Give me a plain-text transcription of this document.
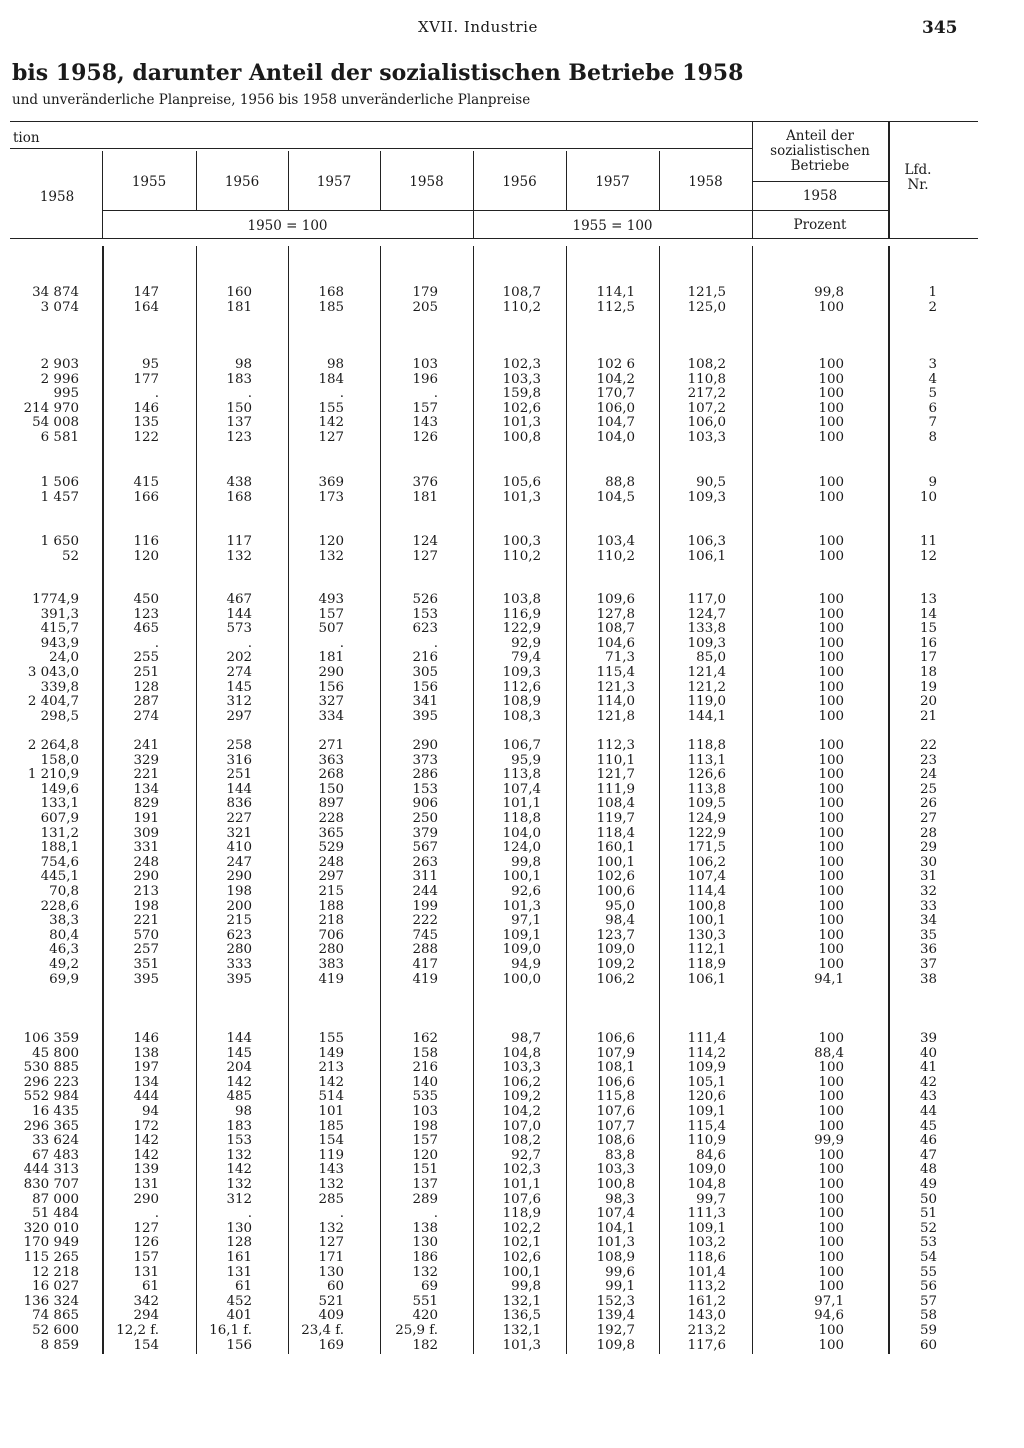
XVII. Industrie	345
bis 1958, darunter Anteil der sozialistischen Betriebe 1958
und unveränderliche Planpreise, 1956 bis 1958 unveränderliche Planpreise
tion
1958
1955	1956	1957	1958	1956	1957	1958
1950 = 100	1955 = 100
Anteil der sozialistischen Betriebe
1958
Prozent
Lfd. Nr.
34 874	147	160	168	179	108,7	114,1	121,5	99,8	1
3 074	164	181	185	205	110,2	112,5	125,0	100	2
2 903	95	98	98	103	102,3	102 6	108,2	100	3
2 996	177	183	184	196	103,3	104,2	110,8	100	4
995	.	.	.	.	159,8	170,7	217,2	100	5
214 970	146	150	155	157	102,6	106,0	107,2	100	6
54 008	135	137	142	143	101,3	104,7	106,0	100	7
6 581	122	123	127	126	100,8	104,0	103,3	100	8
1 506	415	438	369	376	105,6	88,8	90,5	100	9
1 457	166	168	173	181	101,3	104,5	109,3	100	10
1 650	116	117	120	124	100,3	103,4	106,3	100	11
52	120	132	132	127	110,2	110,2	106,1	100	12
1774,9	450	467	493	526	103,8	109,6	117,0	100	13
391,3	123	144	157	153	116,9	127,8	124,7	100	14
415,7	465	573	507	623	122,9	108,7	133,8	100	15
943,9	.	.	.	.	92,9	104,6	109,3	100	16
24,0	255	202	181	216	79,4	71,3	85,0	100	17
3 043,0	251	274	290	305	109,3	115,4	121,4	100	18
339,8	128	145	156	156	112,6	121,3	121,2	100	19
2 404,7	287	312	327	341	108,9	114,0	119,0	100	20
298,5	274	297	334	395	108,3	121,8	144,1	100	21
2 264,8	241	258	271	290	106,7	112,3	118,8	100	22
158,0	329	316	363	373	95,9	110,1	113,1	100	23
1 210,9	221	251	268	286	113,8	121,7	126,6	100	24
149,6	134	144	150	153	107,4	111,9	113,8	100	25
133,1	829	836	897	906	101,1	108,4	109,5	100	26
607,9	191	227	228	250	118,8	119,7	124,9	100	27
131,2	309	321	365	379	104,0	118,4	122,9	100	28
188,1	331	410	529	567	124,0	160,1	171,5	100	29
754,6	248	247	248	263	99,8	100,1	106,2	100	30
445,1	290	290	297	311	100,1	102,6	107,4	100	31
70,8	213	198	215	244	92,6	100,6	114,4	100	32
228,6	198	200	188	199	101,3	95,0	100,8	100	33
38,3	221	215	218	222	97,1	98,4	100,1	100	34
80,4	570	623	706	745	109,1	123,7	130,3	100	35
46,3	257	280	280	288	109,0	109,0	112,1	100	36
49,2	351	333	383	417	94,9	109,2	118,9	100	37
69,9	395	395	419	419	100,0	106,2	106,1	94,1	38
106 359	146	144	155	162	98,7	106,6	111,4	100	39
45 800	138	145	149	158	104,8	107,9	114,2	88,4	40
530 885	197	204	213	216	103,3	108,1	109,9	100	41
296 223	134	142	142	140	106,2	106,6	105,1	100	42
552 984	444	485	514	535	109,2	115,8	120,6	100	43
16 435	94	98	101	103	104,2	107,6	109,1	100	44
296 365	172	183	185	198	107,0	107,7	115,4	100	45
33 624	142	153	154	157	108,2	108,6	110,9	99,9	46
67 483	142	132	119	120	92,7	83,8	84,6	100	47
444 313	139	142	143	151	102,3	103,3	109,0	100	48
830 707	131	132	132	137	101,1	100,8	104,8	100	49
87 000	290	312	285	289	107,6	98,3	99,7	100	50
51 484	.	.	.	.	118,9	107,4	111,3	100	51
320 010	127	130	132	138	102,2	104,1	109,1	100	52
170 949	126	128	127	130	102,1	101,3	103,2	100	53
115 265	157	161	171	186	102,6	108,9	118,6	100	54
12 218	131	131	130	132	100,1	99,6	101,4	100	55
16 027	61	61	60	69	99,8	99,1	113,2	100	56
136 324	342	452	521	551	132,1	152,3	161,2	97,1	57
74 865	294	401	409	420	136,5	139,4	143,0	94,6	58
52 600	12,2 f.	16,1 f.	23,4 f.	25,9 f.	132,1	192,7	213,2	100	59
8 859	154	156	169	182	101,3	109,8	117,6	100	60
